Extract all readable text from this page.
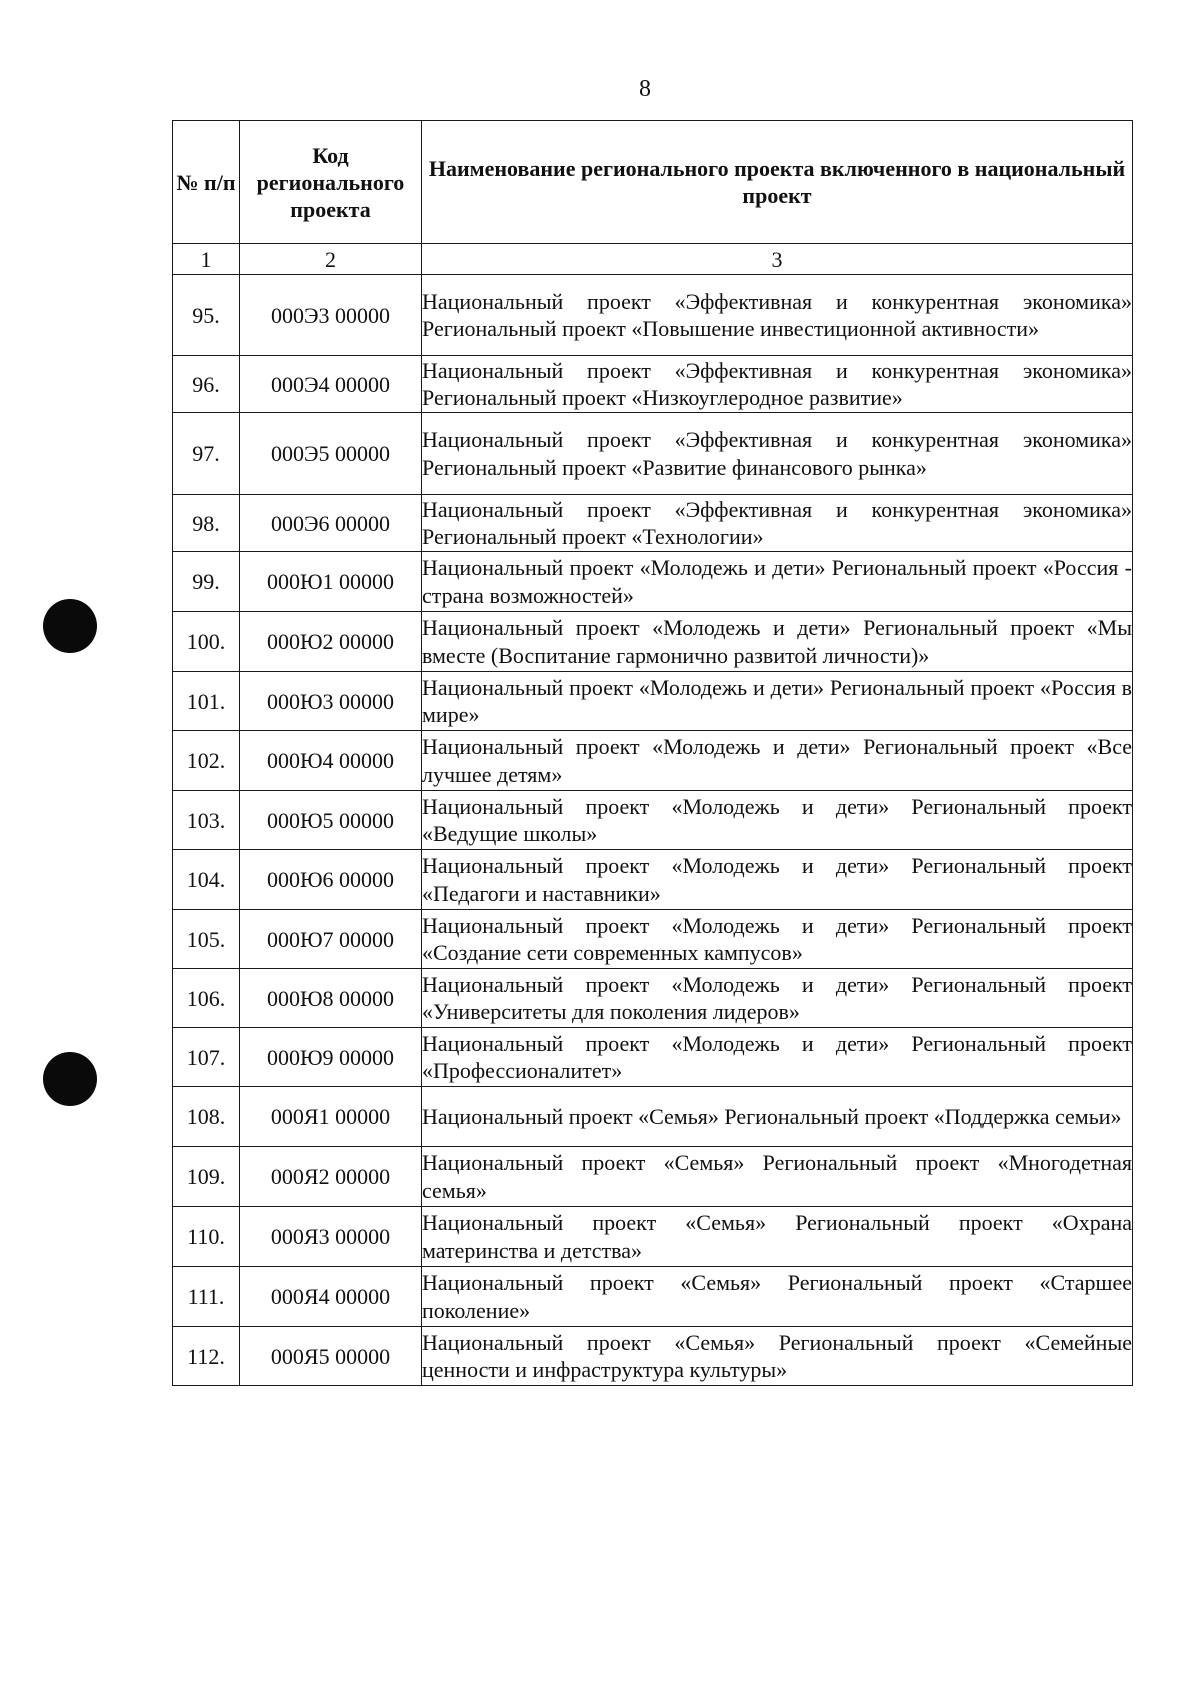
8
№ п/п	Код регионального проекта	Наименование регионального проекта включенного в национальный проект
1	2	3
95.	000Э3 00000	Национальный проект «Эффективная и конкурентная экономика» Региональный проект «Повышение инвестиционной активности»
96.	000Э4 00000	Национальный проект «Эффективная и конкурентная экономика» Региональный проект «Низкоуглеродное развитие»
97.	000Э5 00000	Национальный проект «Эффективная и конкурентная экономика» Региональный проект «Развитие финансового рынка»
98.	000Э6 00000	Национальный проект «Эффективная и конкурентная экономика» Региональный проект «Технологии»
99.	000Ю1 00000	Национальный проект «Молодежь и дети» Региональный проект «Россия - страна возможностей»
100.	000Ю2 00000	Национальный проект «Молодежь и дети» Региональный проект «Мы вместе (Воспитание гармонично развитой личности)»
101.	000Ю3 00000	Национальный проект «Молодежь и дети» Региональный проект «Россия в мире»
102.	000Ю4 00000	Национальный проект «Молодежь и дети» Региональный проект «Все лучшее детям»
103.	000Ю5 00000	Национальный проект «Молодежь и дети» Региональный проект «Ведущие школы»
104.	000Ю6 00000	Национальный проект «Молодежь и дети» Региональный проект «Педагоги и наставники»
105.	000Ю7 00000	Национальный проект «Молодежь и дети» Региональный проект «Создание сети современных кампусов»
106.	000Ю8 00000	Национальный проект «Молодежь и дети» Региональный проект «Университеты для поколения лидеров»
107.	000Ю9 00000	Национальный проект «Молодежь и дети» Региональный проект «Профессионалитет»
108.	000Я1 00000	Национальный проект «Семья» Региональный проект «Поддержка семьи»
109.	000Я2 00000	Национальный проект «Семья» Региональный проект «Многодетная семья»
110.	000Я3 00000	Национальный проект «Семья» Региональный проект «Охрана материнства и детства»
111.	000Я4 00000	Национальный проект «Семья» Региональный проект «Старшее поколение»
112.	000Я5 00000	Национальный проект «Семья» Региональный проект «Семейные ценности и инфраструктура культуры»
